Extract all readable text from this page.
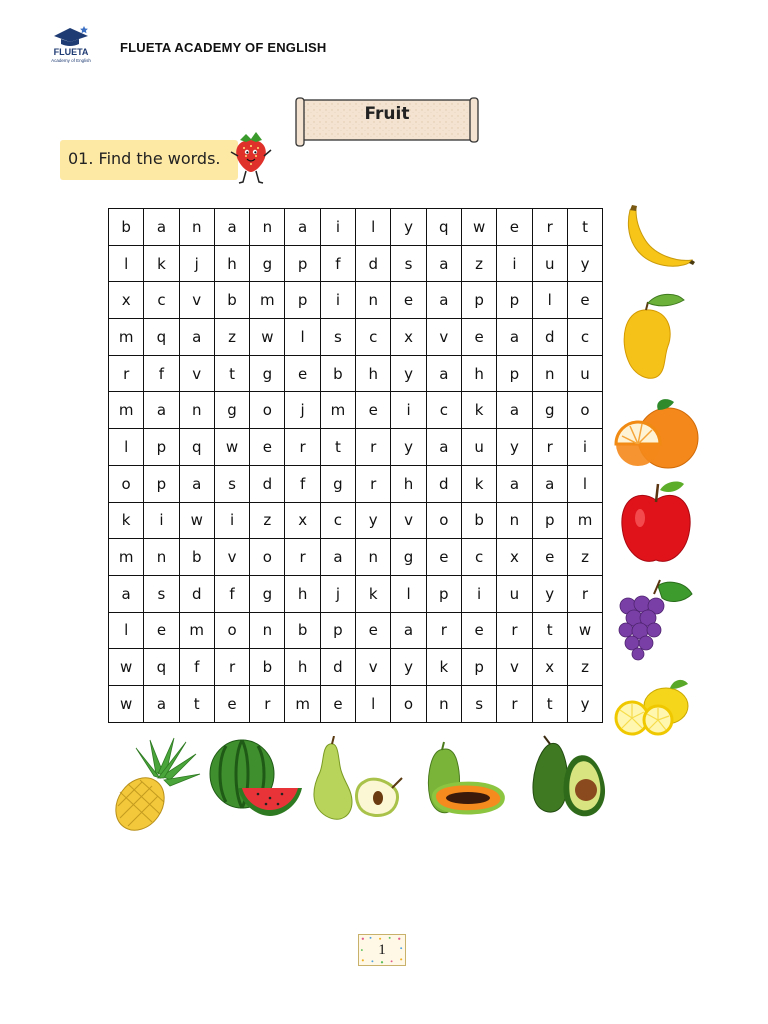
FLUETA
Academy of English
FLUETA ACADEMY OF ENGLISH
Fruit
01. Find the words.
b	a	n	a	n	a	i	l	y	q	w	e	r	t
l	k	j	h	g	p	f	d	s	a	z	i	u	y
x	c	v	b	m	p	i	n	e	a	p	p	l	e
m	q	a	z	w	l	s	c	x	v	e	a	d	c
r	f	v	t	g	e	b	h	y	a	h	p	n	u
m	a	n	g	o	j	m	e	i	c	k	a	g	o
l	p	q	w	e	r	t	r	y	a	u	y	r	i
o	p	a	s	d	f	g	r	h	d	k	a	a	l
k	i	w	i	z	x	c	y	v	o	b	n	p	m
m	n	b	v	o	r	a	n	g	e	c	x	e	z
a	s	d	f	g	h	j	k	l	p	i	u	y	r
l	e	m	o	n	b	p	e	a	r	e	r	t	w
w	q	f	r	b	h	d	v	y	k	p	v	x	z
w	a	t	e	r	m	e	l	o	n	s	r	t	y
1
